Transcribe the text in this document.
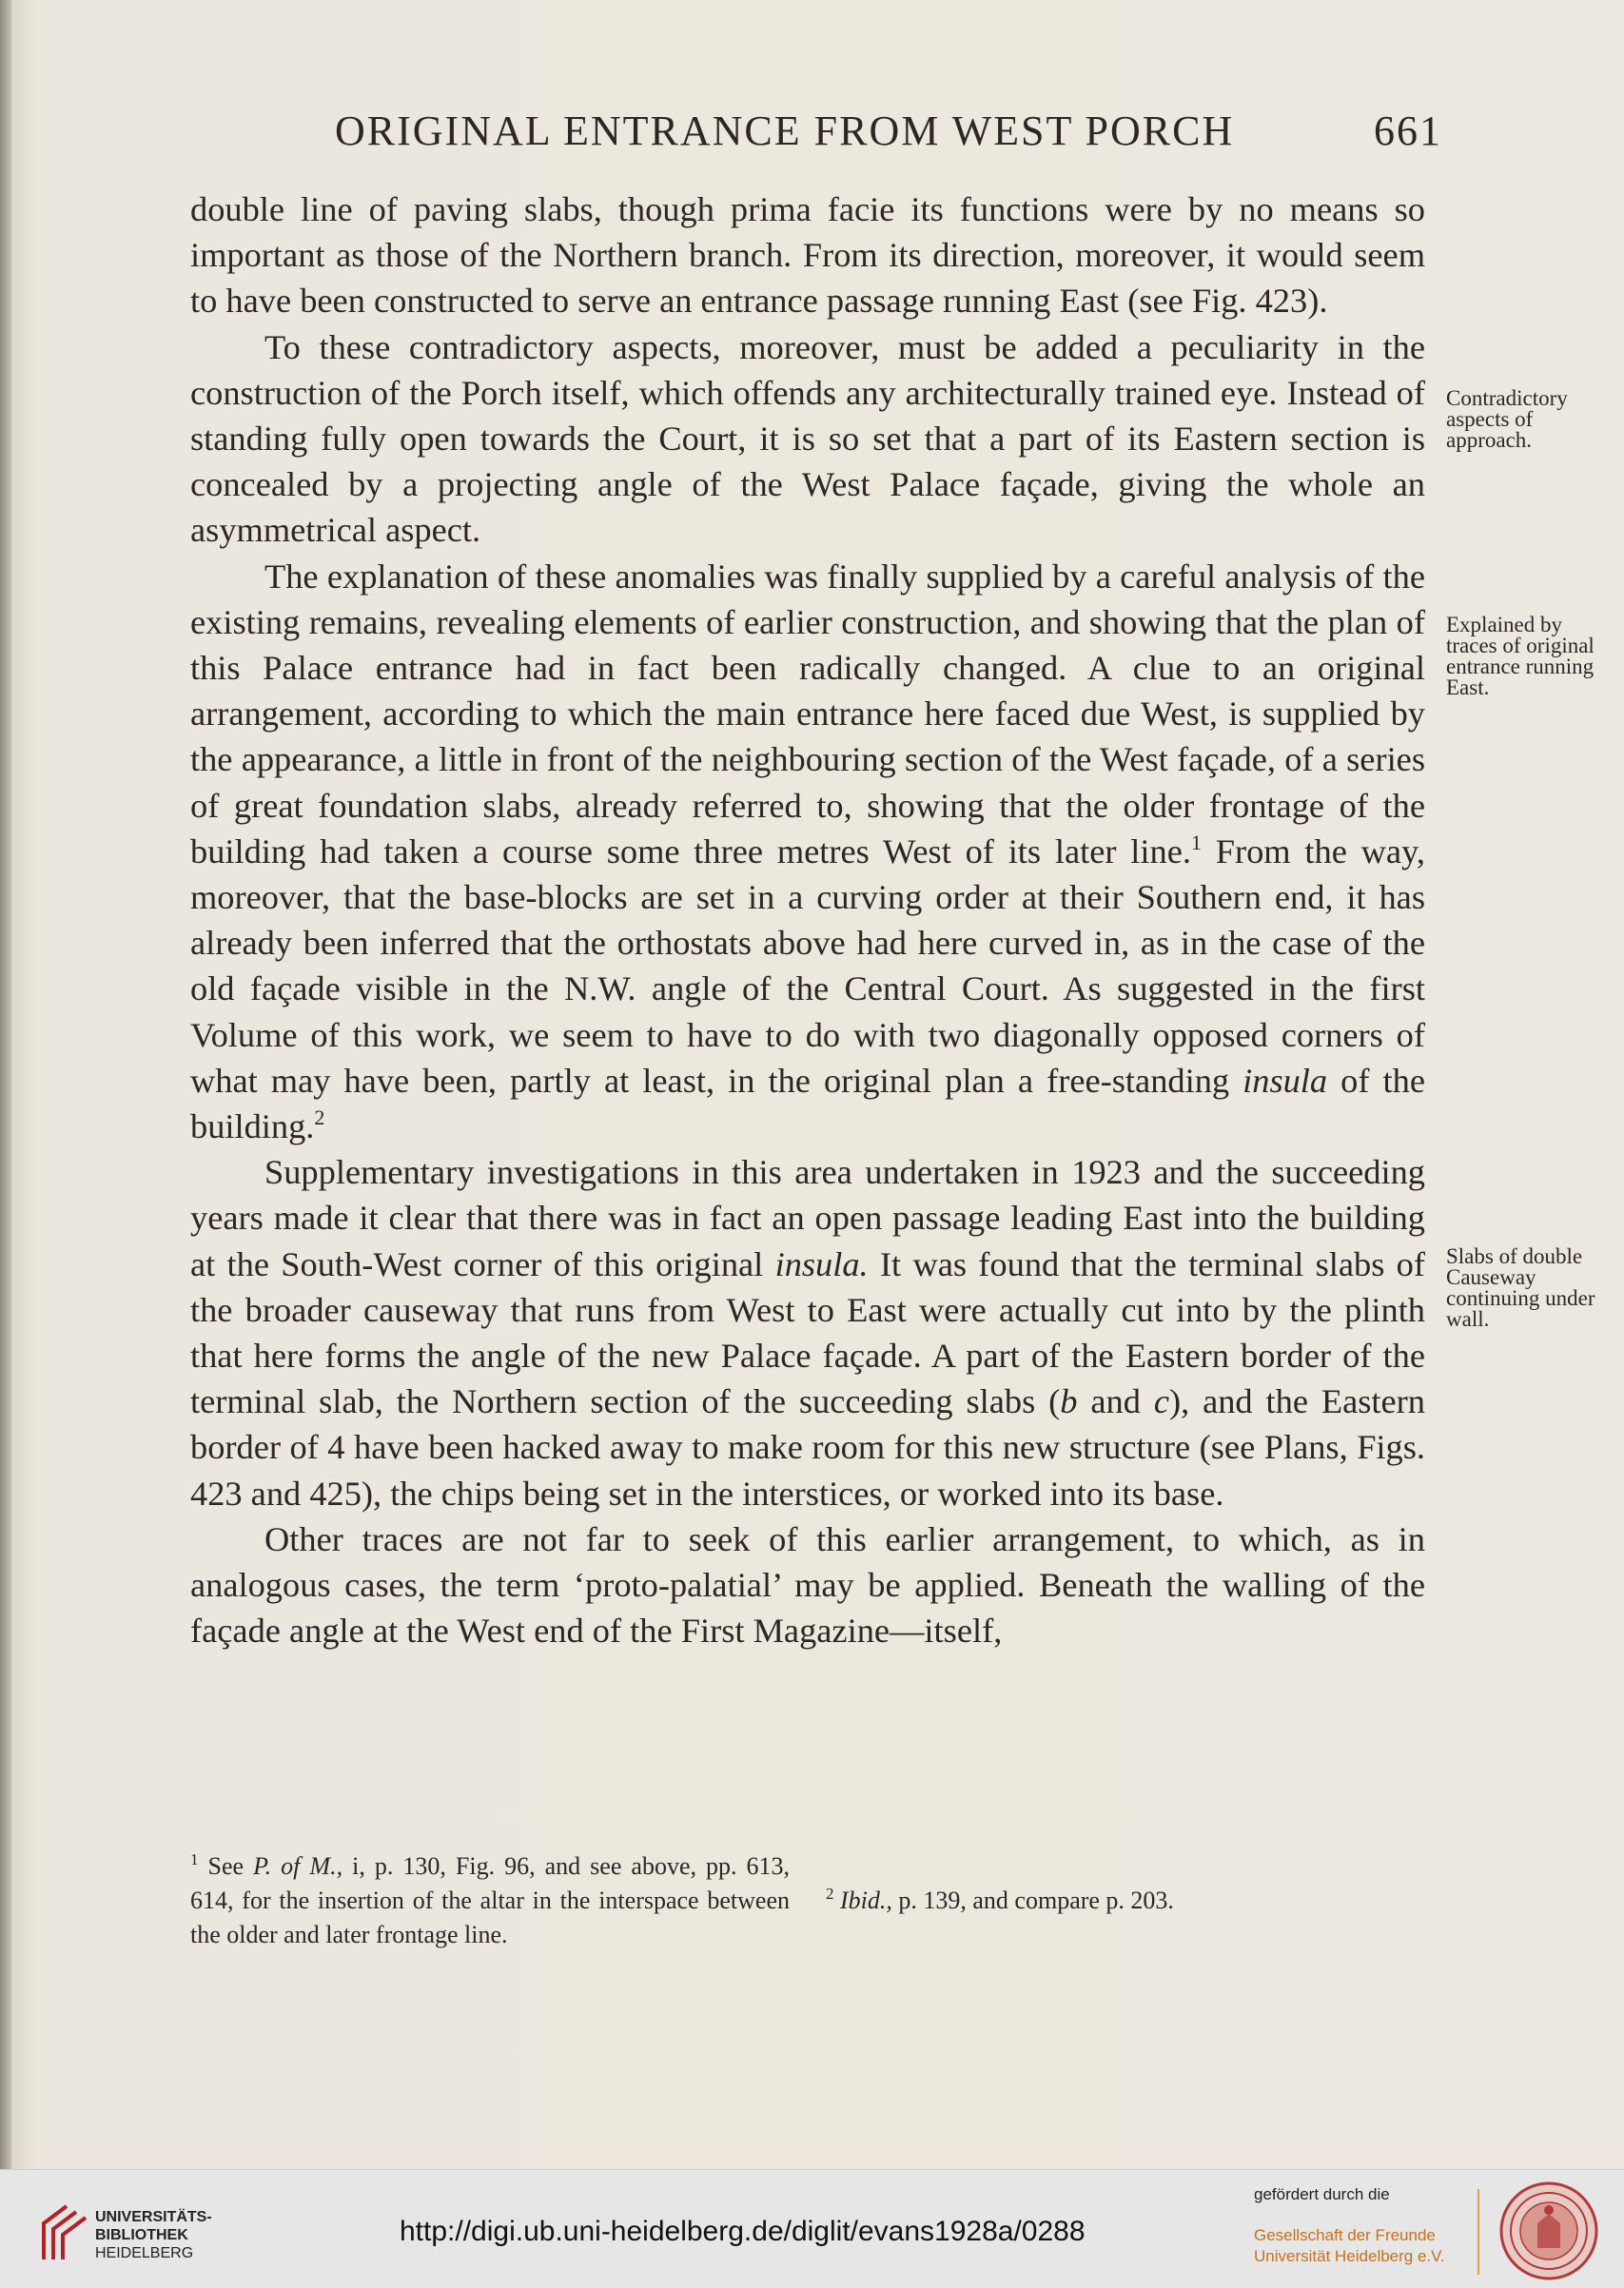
ORIGINAL ENTRANCE FROM WEST PORCH	661

double line of paving slabs, though prima facie its functions were by no means so important as those of the Northern branch. From its direction, moreover, it would seem to have been constructed to serve an entrance passage running East (see Fig. 423).

To these contradictory aspects, moreover, must be added a peculiarity in the construction of the Porch itself, which offends any architecturally trained eye. Instead of standing fully open towards the Court, it is so set that a part of its Eastern section is concealed by a projecting angle of the West Palace façade, giving the whole an asymmetrical aspect.

The explanation of these anomalies was finally supplied by a careful analysis of the existing remains, revealing elements of earlier construction, and showing that the plan of this Palace entrance had in fact been radically changed. A clue to an original arrangement, according to which the main entrance here faced due West, is supplied by the appearance, a little in front of the neighbouring section of the West façade, of a series of great foundation slabs, already referred to, showing that the older frontage of the building had taken a course some three metres West of its later line.$^1$ From the way, moreover, that the base-blocks are set in a curving order at their Southern end, it has already been inferred that the orthostats above had here curved in, as in the case of the old façade visible in the N.W. angle of the Central Court. As suggested in the first Volume of this work, we seem to have to do with two diagonally opposed corners of what may have been, partly at least, in the original plan a free-standing insula of the building.$^2$

Supplementary investigations in this area undertaken in 1923 and the succeeding years made it clear that there was in fact an open passage leading East into the building at the South-West corner of this original insula. It was found that the terminal slabs of the broader causeway that runs from West to East were actually cut into by the plinth that here forms the angle of the new Palace façade. A part of the Eastern border of the terminal slab, the Northern section of the succeeding slabs (b and c), and the Eastern border of 4 have been hacked away to make room for this new structure (see Plans, Figs. 423 and 425), the chips being set in the interstices, or worked into its base.

Other traces are not far to seek of this earlier arrangement, to which, as in analogous cases, the term ‘proto-palatial’ may be applied. Beneath the walling of the façade angle at the West end of the First Magazine—itself,

Contradictory aspects of approach.
Explained by traces of original entrance running East.
Slabs of double Causeway continuing under wall.

$^1$ See P. of M., i, p. 130, Fig. 96, and see above, pp. 613, 614, for the insertion of the altar in the interspace between the older and later frontage line.

$^2$ Ibid., p. 139, and compare p. 203.

UNIVERSITÄTS-
BIBLIOTHEK
HEIDELBERG
http://digi.ub.uni-heidelberg.de/diglit/evans1928a/0288
gefördert durch die
Gesellschaft der Freunde
Universität Heidelberg e.V.
